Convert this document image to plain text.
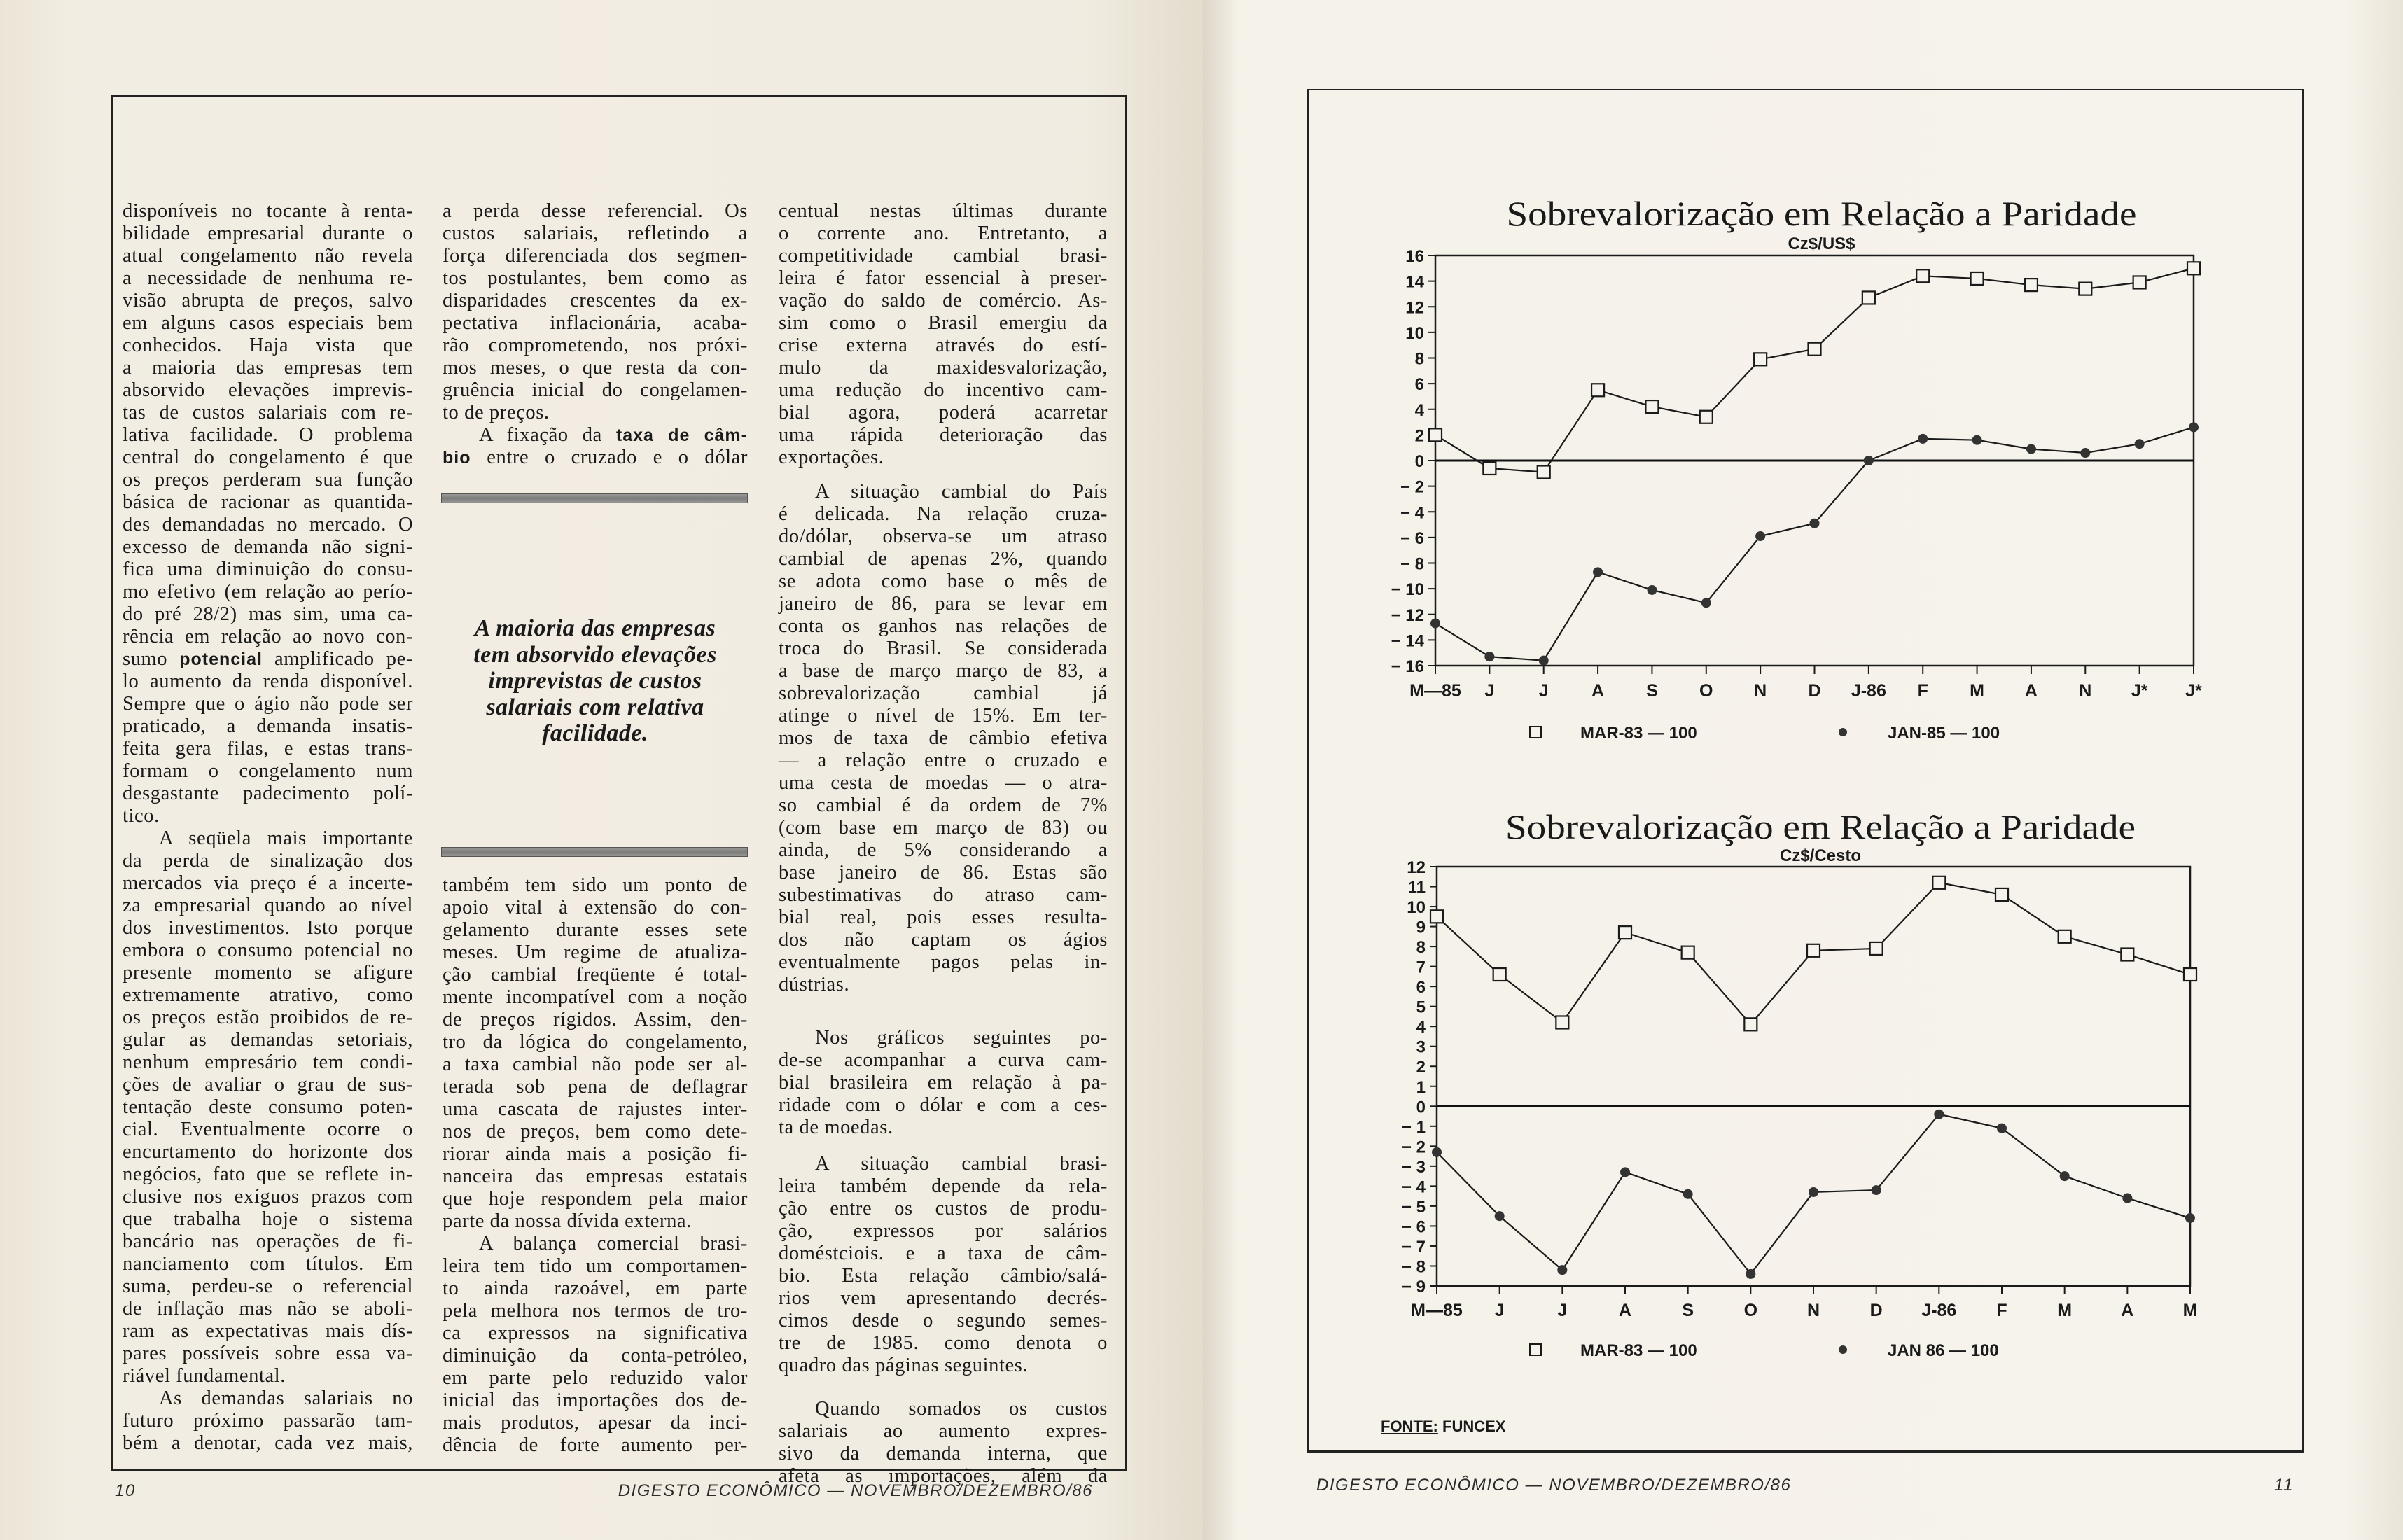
disponíveis no tocante à renta-
bilidade empresarial durante o
atual congelamento não revela
a necessidade de nenhuma re-
visão abrupta de preços, salvo
em alguns casos especiais bem
conhecidos. Haja vista que
a maioria das empresas tem
absorvido elevações imprevis-
tas de custos salariais com re-
lativa facilidade. O problema
central do congelamento é que
os preços perderam sua função
básica de racionar as quantida-
des demandadas no mercado. O
excesso de demanda não signi-
fica uma diminuição do consu-
mo efetivo (em relação ao perío-
do pré 28/2) mas sim, uma ca-
rência em relação ao novo con-
sumo potencial amplificado pe-
lo aumento da renda disponível.
Sempre que o ágio não pode ser
praticado, a demanda insatis-
feita gera filas, e estas trans-
formam o congelamento num
desgastante padecimento polí-
tico.
A seqüela mais importante
da perda de sinalização dos
mercados via preço é a incerte-
za empresarial quando ao nível
dos investimentos. Isto porque
embora o consumo potencial no
presente momento se afigure
extremamente atrativo, como
os preços estão proibidos de re-
gular as demandas setoriais,
nenhum empresário tem condi-
ções de avaliar o grau de sus-
tentação deste consumo poten-
cial. Eventualmente ocorre o
encurtamento do horizonte dos
negócios, fato que se reflete in-
clusive nos exíguos prazos com
que trabalha hoje o sistema
bancário nas operações de fi-
nanciamento com títulos. Em
suma, perdeu-se o referencial
de inflação mas não se aboli-
ram as expectativas mais dís-
pares possíveis sobre essa va-
riável fundamental.
As demandas salariais no
futuro próximo passarão tam-
bém a denotar, cada vez mais,
a perda desse referencial. Os
custos salariais, refletindo a
força diferenciada dos segmen-
tos postulantes, bem como as
disparidades crescentes da ex-
pectativa inflacionária, acaba-
rão comprometendo, nos próxi-
mos meses, o que resta da con-
gruência inicial do congelamen-
to de preços.
A fixação da taxa de câm-
bio entre o cruzado e o dólar
também tem sido um ponto de
apoio vital à extensão do con-
gelamento durante esses sete
meses. Um regime de atualiza-
ção cambial freqüente é total-
mente incompatível com a noção
de preços rígidos. Assim, den-
tro da lógica do congelamento,
a taxa cambial não pode ser al-
terada sob pena de deflagrar
uma cascata de rajustes inter-
nos de preços, bem como dete-
riorar ainda mais a posição fi-
nanceira das empresas estatais
que hoje respondem pela maior
parte da nossa dívida externa.
A balança comercial brasi-
leira tem tido um comportamen-
to ainda razoável, em parte
pela melhora nos termos de tro-
ca expressos na significativa
diminuição da conta-petróleo,
em parte pelo reduzido valor
inicial das importações dos de-
mais produtos, apesar da inci-
dência de forte aumento per-
centual nestas últimas durante
o corrente ano. Entretanto, a
competitividade cambial brasi-
leira é fator essencial à preser-
vação do saldo de comércio. As-
sim como o Brasil emergiu da
crise externa através do estí-
mulo da maxidesvalorização,
uma redução do incentivo cam-
bial agora, poderá acarretar
uma rápida deterioração das
exportações.
A situação cambial do País
é delicada. Na relação cruza-
do/dólar, observa-se um atraso
cambial de apenas 2%, quando
se adota como base o mês de
janeiro de 86, para se levar em
conta os ganhos nas relações de
troca do Brasil. Se considerada
a base de março março de 83, a
sobrevalorização cambial já
atinge o nível de 15%. Em ter-
mos de taxa de câmbio efetiva
— a relação entre o cruzado e
uma cesta de moedas — o atra-
so cambial é da ordem de 7%
(com base em março de 83) ou
ainda, de 5% considerando a
base janeiro de 86. Estas são
subestimativas do atraso cam-
bial real, pois esses resulta-
dos não captam os ágios
eventualmente pagos pelas in-
dústrias.
Nos gráficos seguintes po-
de-se acompanhar a curva cam-
bial brasileira em relação à pa-
ridade com o dólar e com a ces-
ta de moedas.
A situação cambial brasi-
leira também depende da rela-
ção entre os custos de produ-
ção, expressos por salários
doméstciois. e a taxa de câm-
bio. Esta relação câmbio/salá-
rios vem apresentando decrés-
cimos desde o segundo semes-
tre de 1985. como denota o
quadro das páginas seguintes.
Quando somados os custos
salariais ao aumento expres-
sivo da demanda interna, que
afeta as importações, além da
A maioria das empresas
tem absorvido elevações
imprevistas de custos
salariais com relativa
facilidade.
Sobrevalorização em Relação a Paridade
Cz$/US$
16
14
12
10
8
6
4
2
0
− 2
− 4
− 6
− 8
− 10
− 12
− 14
− 16
M—85 J	J A S O N D J-86 F M A N J* J*
MAR-83 — 100	JAN-85 — 100
Sobrevalorização em Relação a Paridade
Cz$/Cesto
12
11
10
9
8
7
6
5
4
3
2
1
0
− 1
− 2
− 3
− 4
− 5
− 6
− 7
− 8
− 9
M—85 J	J	A	S	O	N	D J-86 F	M	A	M
MAR-83 — 100	JAN 86 — 100
FONTE: FUNCEX
10	DIGESTO ECONÔMICO — NOVEMBRO/DEZEMBRO/86	DIGESTO ECONÔMICO — NOVEMBRO/DEZEMBRO/86	11
